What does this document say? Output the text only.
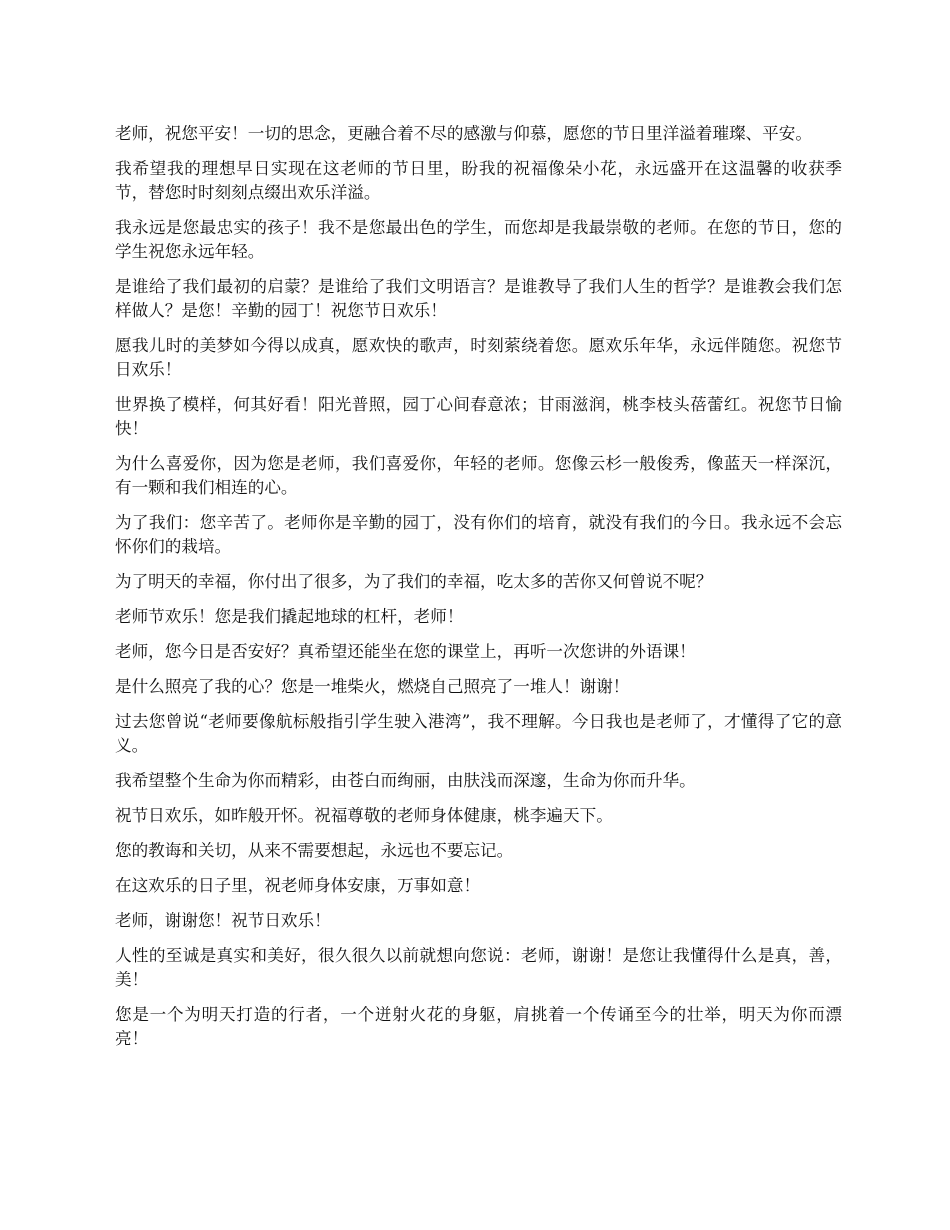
老师，祝您平安！一切的思念，更融合着不尽的感激与仰慕，愿您的节日里洋溢着璀璨、平安。

我希望我的理想早日实现在这老师的节日里，盼我的祝福像朵小花，永远盛开在这温馨的收获季节，替您时时刻刻点缀出欢乐洋溢。

我永远是您最忠实的孩子！我不是您最出色的学生，而您却是我最崇敬的老师。在您的节日，您的学生祝您永远年轻。

是谁给了我们最初的启蒙？是谁给了我们文明语言？是谁教导了我们人生的哲学？是谁教会我们怎样做人？是您！辛勤的园丁！祝您节日欢乐！

愿我儿时的美梦如今得以成真，愿欢快的歌声，时刻萦绕着您。愿欢乐年华，永远伴随您。祝您节日欢乐！

世界换了模样，何其好看！阳光普照，园丁心间春意浓；甘雨滋润，桃李枝头蓓蕾红。祝您节日愉快！

为什么喜爱你，因为您是老师，我们喜爱你，年轻的老师。您像云杉一般俊秀，像蓝天一样深沉，有一颗和我们相连的心。

为了我们：您辛苦了。老师你是辛勤的园丁，没有你们的培育，就没有我们的今日。我永远不会忘怀你们的栽培。

为了明天的幸福，你付出了很多，为了我们的幸福，吃太多的苦你又何曾说不呢？

老师节欢乐！您是我们撬起地球的杠杆，老师！

老师，您今日是否安好？真希望还能坐在您的课堂上，再听一次您讲的外语课！

是什么照亮了我的心？您是一堆柴火，燃烧自己照亮了一堆人！谢谢！

过去您曾说“老师要像航标般指引学生驶入港湾”，我不理解。今日我也是老师了，才懂得了它的意义。

我希望整个生命为你而精彩，由苍白而绚丽，由肤浅而深邃，生命为你而升华。

祝节日欢乐，如昨般开怀。祝福尊敬的老师身体健康，桃李遍天下。

您的教诲和关切，从来不需要想起，永远也不要忘记。

在这欢乐的日子里，祝老师身体安康，万事如意！

老师，谢谢您！祝节日欢乐！

人性的至诚是真实和美好，很久很久以前就想向您说：老师，谢谢！是您让我懂得什么是真，善，美！

您是一个为明天打造的行者，一个迸射火花的身躯，肩挑着一个传诵至今的壮举，明天为你而漂亮！
